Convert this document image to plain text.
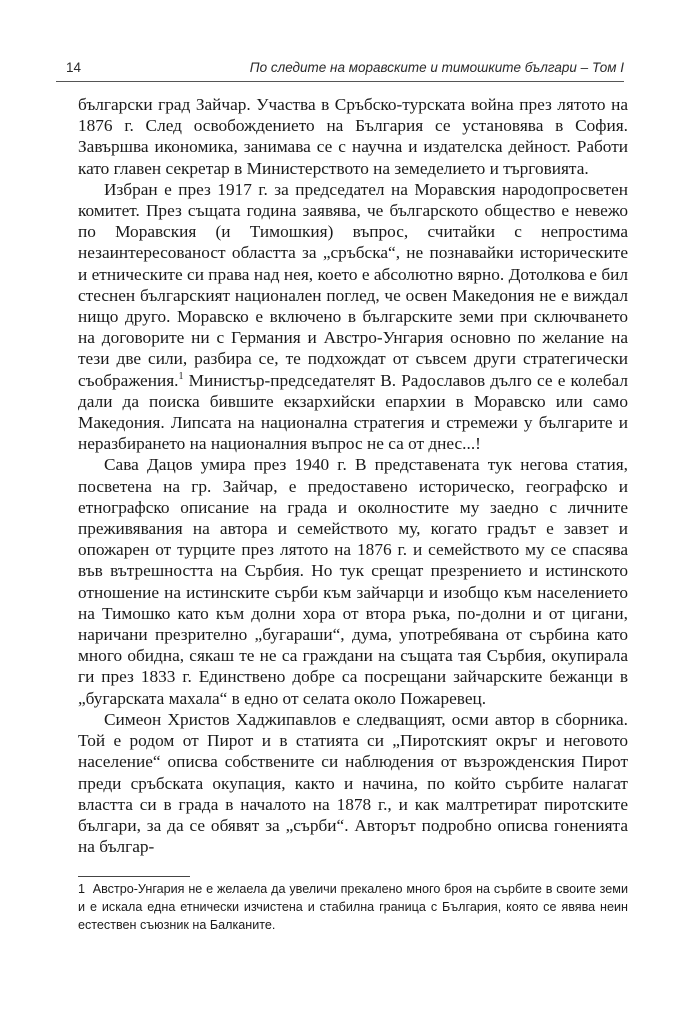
14	По следите на моравските и тимошките българи – Том I

български град Зайчар. Участва в Сръбско-турската война през лятото на 1876 г. След освобождението на България се установява в София. Завършва икономика, занимава се с научна и издателска дейност. Работи като главен секретар в Министерството на земеделието и търговията.

Избран е през 1917 г. за председател на Моравския народопросветен комитет. През същата година заявява, че българското общество е невежо по Моравския (и Тимошкия) въпрос, считайки с непростима незаинтересованост областта за „сръбска“, не познавайки историческите и етническите си права над нея, което е абсолютно вярно. Дотолкова е бил стеснен българският национален поглед, че освен Македония не е виждал нищо друго. Моравско е включено в българските земи при сключването на договорите ни с Германия и Австро-Унгария основно по желание на тези две сили, разбира се, те подхождат от съвсем други стратегически съображения.$^1$ Министър-председателят В. Радославов дълго се е колебал дали да поиска бившите екзархийски епархии в Моравско или само Македония. Липсата на национална стратегия и стремежи у българите и неразбирането на националния въпрос не са от днес...!

Сава Дацов умира през 1940 г. В представената тук негова статия, посветена на гр. Зайчар, е предоставено историческо, географско и етнографско описание на града и околностите му заедно с личните преживявания на автора и семейството му, когато градът е завзет и опожарен от турците през лятото на 1876 г. и семейството му се спасява във вътрешността на Сърбия. Но тук срещат презрението и истинското отношение на истинските сърби към зайчарци и изобщо към населението на Тимошко като към долни хора от втора ръка, по-долни и от цигани, наричани презрително „бугараши“, дума, употребявана от сърбина като много обидна, сякаш те не са граждани на същата тая Сърбия, окупирала ги през 1833 г. Единствено добре са посрещани зайчарските бежанци в „бугарската махала“ в едно от селата около Пожаревец.

Симеон Христов Хаджипавлов е следващият, осми автор в сборника. Той е родом от Пирот и в статията си „Пиротският окръг и неговото население“ описва собствените си наблюдения от възрожденския Пирот преди сръбската окупация, както и начина, по който сърбите налагат властта си в града в началото на 1878 г., и как малтретират пиротските българи, за да се обявят за „сърби“. Авторът подробно описва гоненията на българ-

1 Австро-Унгария не е желаела да увеличи прекалено много броя на сърбите в своите земи и е искала една етнически изчистена и стабилна граница с България, която се явява неин естествен съюзник на Балканите.
